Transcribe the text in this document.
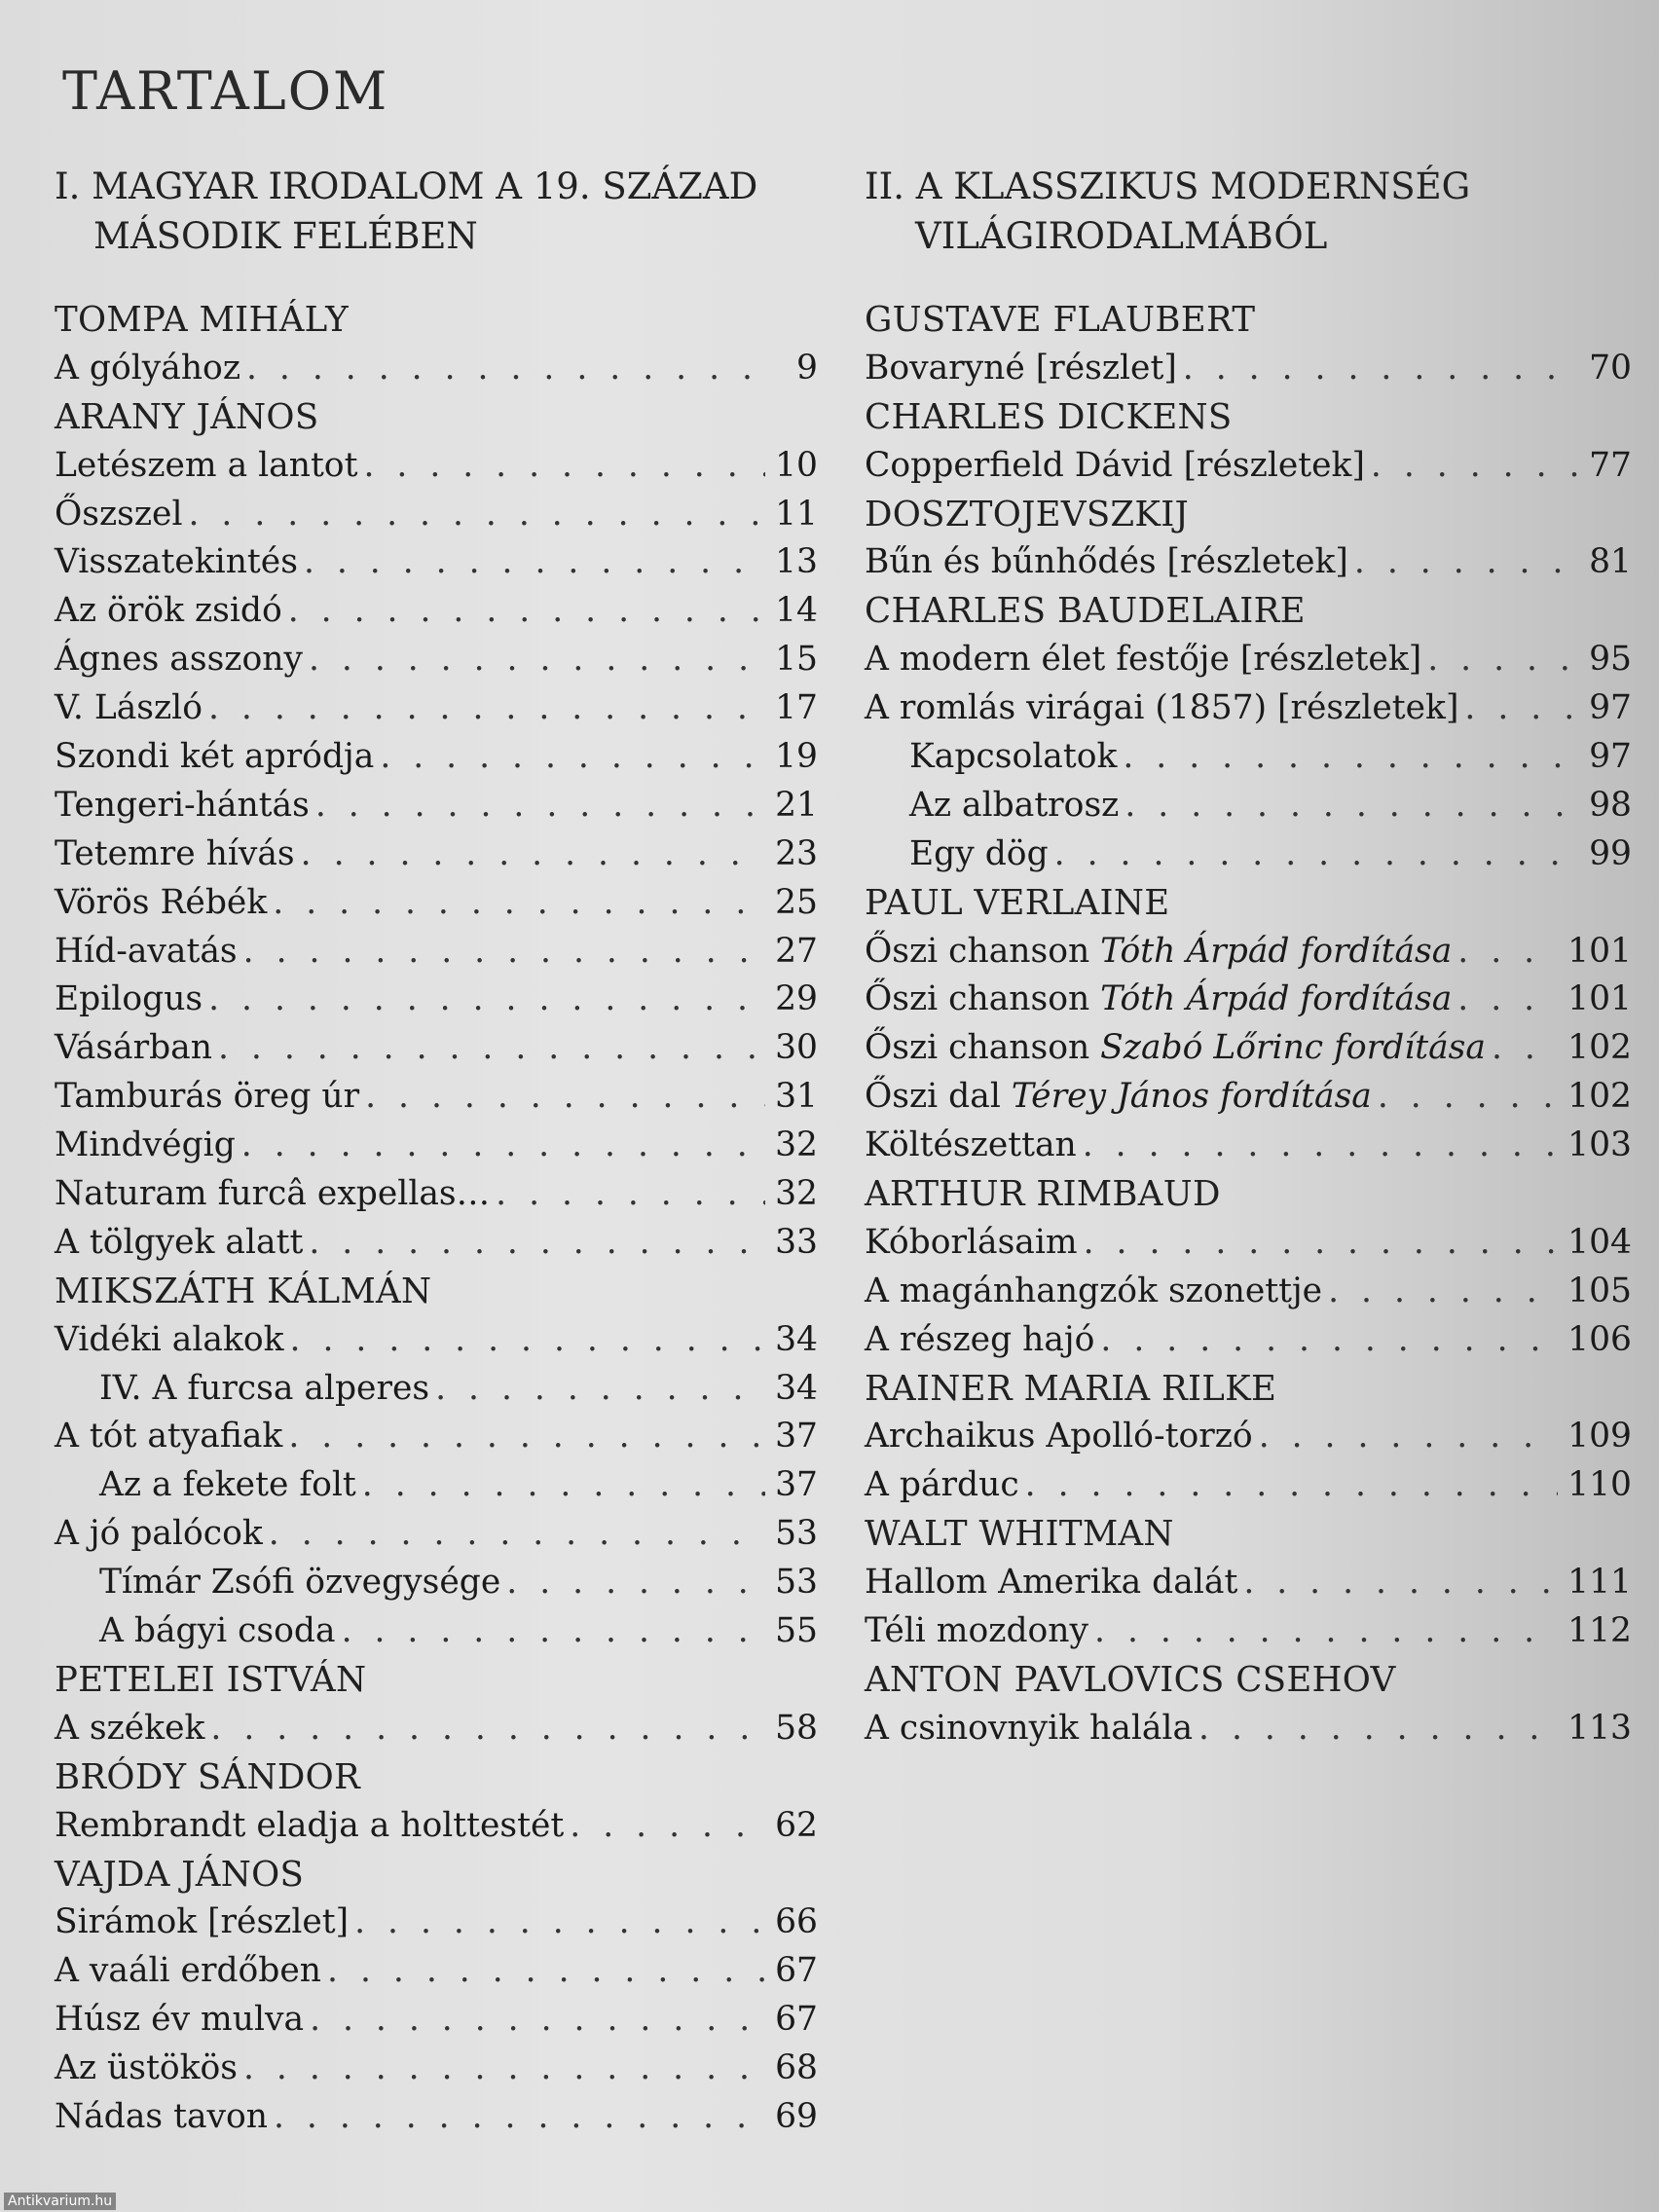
TARTALOM
I. MAGYAR IRODALOM A 19. SZÁZAD
MÁSODIK FELÉBEN
TOMPA MIHÁLY
A gólyához . . .	9
ARANY JÁNOS
Letészem a lantot . . .	10
Őszszel . . .	11
Visszatekintés . . .	13
Az örök zsidó . . .	14
Ágnes asszony . . .	15
V. László . . .	17
Szondi két apródja . . .	19
Tengeri-hántás . . .	21
Tetemre hívás . . .	23
Vörös Rébék . . .	25
Híd-avatás . . .	27
Epilogus . . .	29
Vásárban . . .	30
Tamburás öreg úr . . .	31
Mindvégig . . .	32
Naturam furcâ expellas… . . .	32
A tölgyek alatt . . .	33
MIKSZÁTH KÁLMÁN
Vidéki alakok . . .	34
IV. A furcsa alperes . . .	34
A tót atyafiak . . .	37
Az a fekete folt . . .	37
A jó palócok . . .	53
Tímár Zsófi özvegysége . . .	53
A bágyi csoda . . .	55
PETELEI ISTVÁN
A székek . . .	58
BRÓDY SÁNDOR
Rembrandt eladja a holttestét . . .	62
VAJDA JÁNOS
Sirámok [részlet] . . .	66
A vaáli erdőben . . .	67
Húsz év mulva . . .	67
Az üstökös . . .	68
Nádas tavon . . .	69
II. A KLASSZIKUS MODERNSÉG
VILÁGIRODALMÁBÓL
GUSTAVE FLAUBERT
Bovaryné [részlet] . . .	70
CHARLES DICKENS
Copperfield Dávid [részletek] . . .	77
DOSZTOJEVSZKIJ
Bűn és bűnhődés [részletek] . . .	81
CHARLES BAUDELAIRE
A modern élet festője [részletek] . . .	95
A romlás virágai (1857) [részletek] . . .	97
Kapcsolatok . . .	97
Az albatrosz . . .	98
Egy dög . . .	99
PAUL VERLAINE
Őszi chanson Tóth Árpád fordítása . . .	101
Őszi chanson Tóth Árpád fordítása . . .	101
Őszi chanson Szabó Lőrinc fordítása . . . 102
Őszi dal Térey János fordítása . . .	102
Költészettan . . .	103
ARTHUR RIMBAUD
Kóborlásaim . . .	104
A magánhangzók szonettje . . .	105
A részeg hajó . . .	106
RAINER MARIA RILKE
Archaikus Apolló-torzó . . .	109
A párduc . . .	110
WALT WHITMAN
Hallom Amerika dalát . . .	111
Téli mozdony . . .	112
ANTON PAVLOVICS CSEHOV
A csinovnyik halála . . .	113
Antikvarium.hu
